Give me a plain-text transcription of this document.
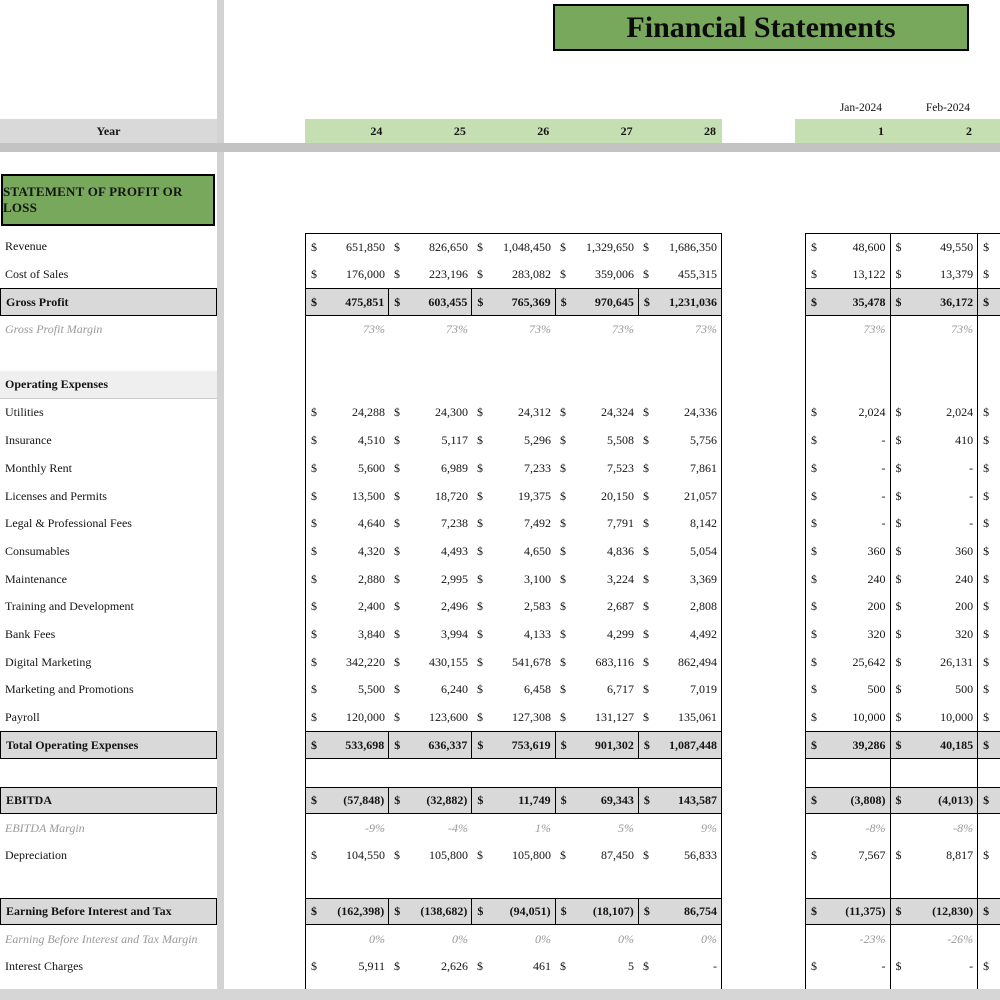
Financial Statements
Jan-2024	Feb-2024
Year	24	25	26	27	28	1	2
STATEMENT OF PROFIT OR LOSS
Revenue	$ 651,850 $ 826,650 $ 1,048,450 $ 1,329,650 $ 1,686,350	$	48,600 $	49,550 $
Cost of Sales	$ 176,000 $ 223,196 $ 283,082 $ 359,006 $ 455,315	$	13,122 $	13,379 $
Gross Profit	$ 475,851 $ 603,455 $ 765,369 $ 970,645 $ 1,231,036	$	35,478 $	36,172 $
Gross Profit Margin	73%	73%	73%	73%	73%	73%	73%
Operating Expenses
Utilities	$	24,288 $	24,300 $	24,312 $	24,324 $	24,336	$	2,024 $	2,024 $
Insurance	$	4,510 $	5,117 $	5,296 $	5,508 $	5,756	$	- $	410 $
Monthly Rent	$	5,600 $	6,989 $	7,233 $	7,523 $	7,861	$	- $	- $
Licenses and Permits	$	13,500 $	18,720 $	19,375 $	20,150 $	21,057	$	- $	- $
Legal & Professional Fees	$	4,640 $	7,238 $	7,492 $	7,791 $	8,142	$	- $	- $
Consumables	$	4,320 $	4,493 $	4,650 $	4,836 $	5,054	$	360 $	360 $
Maintenance	$	2,880 $	2,995 $	3,100 $	3,224 $	3,369	$	240 $	240 $
Training and Development	$	2,400 $	2,496 $	2,583 $	2,687 $	2,808	$	200 $	200 $
Bank Fees	$	3,840 $	3,994 $	4,133 $	4,299 $	4,492	$	320 $	320 $
Digital Marketing	$ 342,220 $ 430,155 $ 541,678 $ 683,116 $ 862,494	$	25,642 $	26,131 $
Marketing and Promotions	$	5,500 $	6,240 $	6,458 $	6,717 $	7,019	$	500 $	500 $
Payroll	$ 120,000 $ 123,600 $ 127,308 $ 131,127 $ 135,061	$	10,000 $	10,000 $
Total Operating Expenses	$ 533,698 $ 636,337 $ 753,619 $ 901,302 $ 1,087,448	$	39,286 $	40,185 $
EBITDA	$ (57,848) $ (32,882) $	11,749 $	69,343 $ 143,587	$	(3,808) $	(4,013) $
EBITDA Margin	-9%	-4%	1%	5%	9%	-8%	-8%
Depreciation	$ 104,550 $ 105,800 $ 105,800 $	87,450 $	56,833	$	7,567 $	8,817 $
Earning Before Interest and Tax	$ (162,398) $ (138,682) $ (94,051) $ (18,107) $	86,754	$ (11,375) $	(12,830) $
Earning Before Interest and Tax Margin	0%	0%	0%	0%	0%	-23%	-26%
Interest Charges	$	5,911 $	2,626 $	461 $	5 $	-	$	- $	- $
